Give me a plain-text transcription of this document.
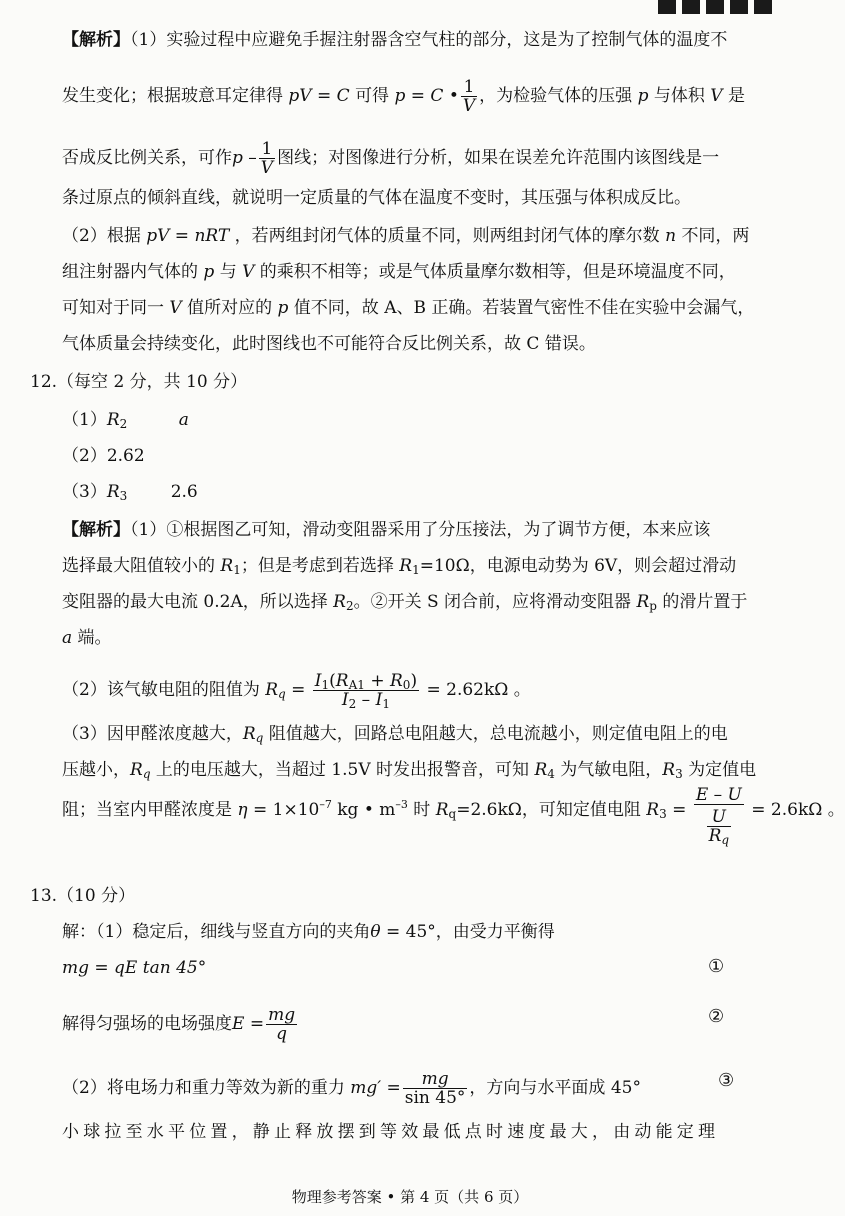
【解析】（1）实验过程中应避免手握注射器含空气柱的部分，这是为了控制气体的温度不
发生变化；根据玻意耳定律得 pV = C 可得 p = C • $\frac{1}{V}$ ，为检验气体的压强 p 与体积 V 是
否成反比例关系，可作p – $\frac{1}{V}$ 图线；对图像进行分析，如果在误差允许范围内该图线是一
条过原点的倾斜直线，就说明一定质量的气体在温度不变时，其压强与体积成反比。
（2）根据 pV = nRT ，若两组封闭气体的质量不同，则两组封闭气体的摩尔数 n 不同，两
组注射器内气体的 p 与 V 的乘积不相等；或是气体质量摩尔数相等，但是环境温度不同，
可知对于同一 V 值所对应的 p 值不同，故 A、B 正确。若装置气密性不佳在实验中会漏气，
气体质量会持续变化，此时图线也不可能符合反比例关系，故 C 错误。
12.（每空 2 分，共 10 分）
$(1)R_2$	a
（2）2.62
$(3)R_3$	2.6
【解析】（1）①根据图乙可知，滑动变阻器采用了分压接法，为了调节方便，本来应该
选择最大阻值较小的 $R_1$；但是考虑到若选择 $R_1=10\Omega$，电源电动势为 6V，则会超过滑动
变阻器的最大电流 0.2A，所以选择 $R_2$。②开关 S 闭合前，应将滑动变阻器 $R_p$ 的滑片置于
a 端。
（2）该气敏电阻的阻值为 $R_q = \frac{I_1(R_{A1} + R_0)}{I_2 - I_1} = 2.62k\Omega$ 。
（3）因甲醛浓度越大，$R_q$ 阻值越大，回路总电阻越大，总电流越小，则定值电阻上的电
压越小，$R_q$ 上的电压越大，当超过 1.5V 时发出报警音，可知 $R_4$ 为气敏电阻，$R_3$ 为定值电
阻；当室内甲醛浓度是 $\eta = 1\times 10^{-7}$ kg • $m^{-3}$ 时 $R_q=2.6k\Omega$，可知定值电阻 $R_3 = \frac{E - U}{\frac{U}{R_q}} = 2.6k\Omega$ 。
13.（10 分）
解：（1）稳定后，细线与竖直方向的夹角θ = 45°，由受力平衡得
mg = qE tan 45°	①
解得匀强场的电场强度$E = \frac{mg}{q}$	②
（2）将电场力和重力等效为新的重力 $mg' = \frac{mg}{\sin 45^\circ}$ ，方向与水平面成 45°	③
小球拉至水平位置，静止释放摆到等效最低点时速度最大，由动能定理
物理参考答案 • 第 4 页（共 6 页）
